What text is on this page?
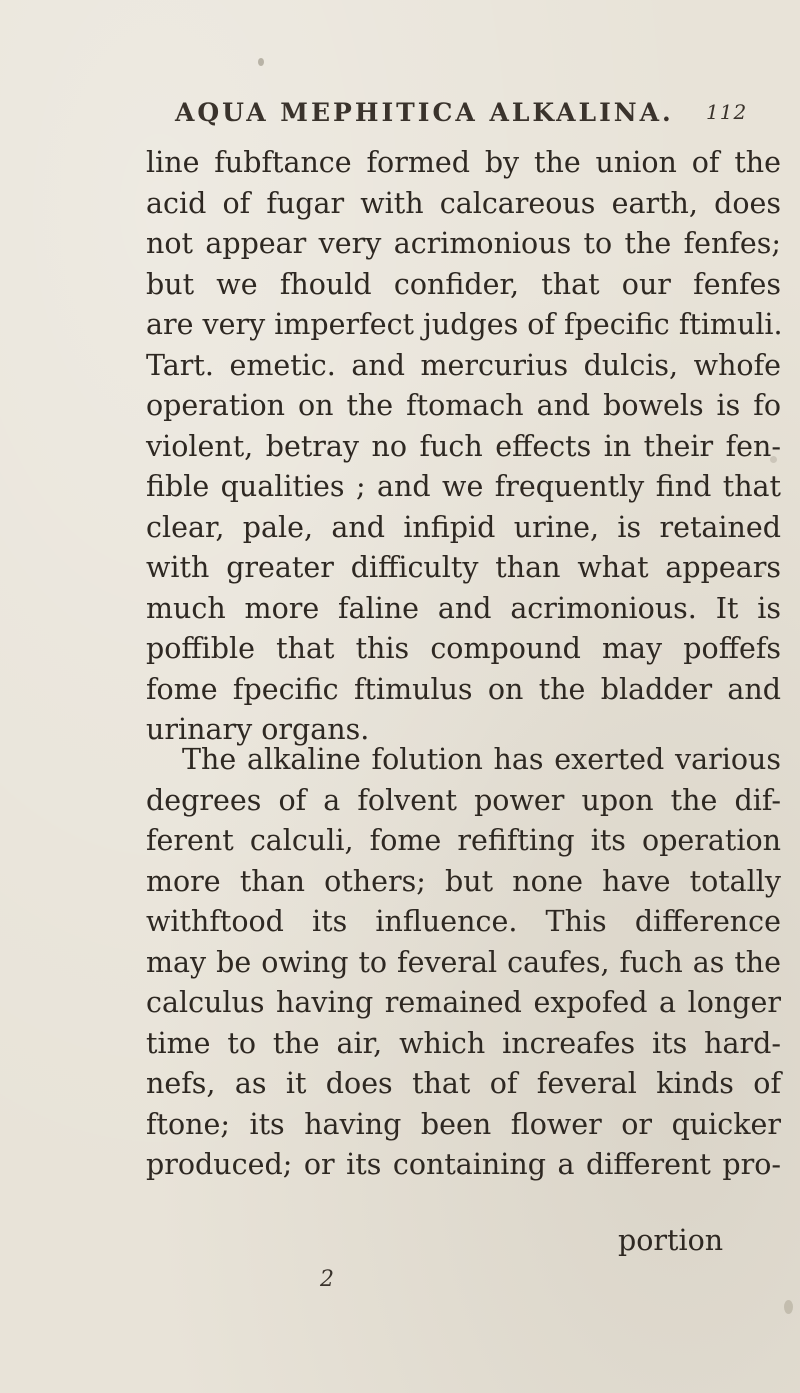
AQUA MEPHITICA ALKALINA. 112
line fubftance formed by the union of the
acid of fugar with calcareous earth, does
not appear very acrimonious to the fenfes;
but we fhould confider, that our fenfes
are very imperfect judges of fpecific ftimuli.
Tart. emetic. and mercurius dulcis, whofe
operation on the ftomach and bowels is fo
violent, betray no fuch effects in their fen-
fible qualities ; and we frequently find that
clear, pale, and infipid urine, is retained
with greater difficulty than what appears
much more faline and acrimonious. It is
poffible that this compound may poffefs
fome fpecific ftimulus on the bladder and
urinary organs.
The alkaline folution has exerted various
degrees of a folvent power upon the dif-
ferent calculi, fome refifting its operation
more than others; but none have totally
withftood its influence. This difference
may be owing to feveral caufes, fuch as the
calculus having remained expofed a longer
time to the air, which increafes its hard-
nefs, as it does that of feveral kinds of
ftone; its having been flower or quicker
produced; or its containing a different pro-
portion
2
